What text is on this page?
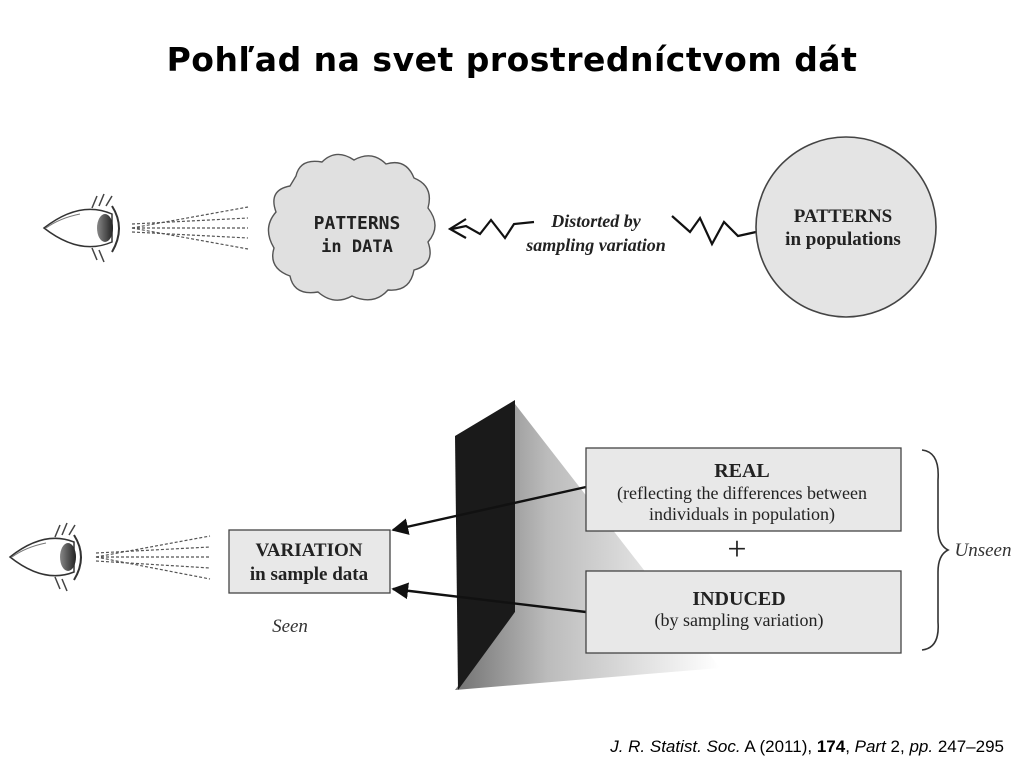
Pohľad na svet prostredníctvom dát
PATTERNS
in DATA
Distorted by
sampling variation
PATTERNS
in populations
VARIATION
in sample data
Seen
REAL
(reflecting the differences between
individuals in population)
+
INDUCED
(by sampling variation)
Unseen
J. R. Statist. Soc. A (2011), 174, Part 2, pp. 247–295
